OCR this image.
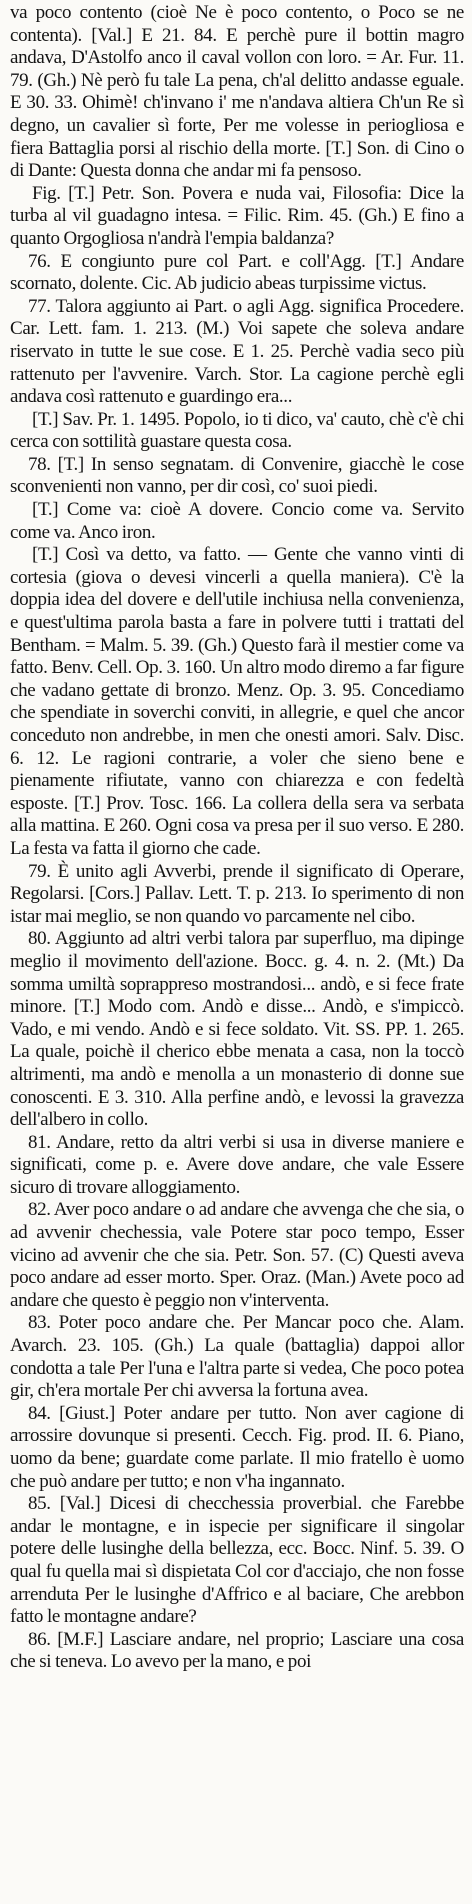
va poco contento (cioè Ne è poco contento, o Poco se ne contenta). [Val.] E 21. 84. E perchè pure il bottin magro andava, D'Astolfo anco il caval vollon con loro. = Ar. Fur. 11. 79. (Gh.) Nè però fu tale La pena, ch'al delitto andasse eguale. E 30. 33. Ohimè! ch'invano i' me n'andava altiera Ch'un Re sì degno, un cavalier sì forte, Per me volesse in periogliosa e fiera Battaglia porsi al rischio della morte. [T.] Son. di Cino o di Dante: Questa donna che andar mi fa pensoso.

Fig. [T.] Petr. Son. Povera e nuda vai, Filosofia: Dice la turba al vil guadagno intesa. = Filic. Rim. 45. (Gh.) E fino a quanto Orgogliosa n'andrà l'empia baldanza?

76. E congiunto pure col Part. e coll'Agg. [T.] Andare scornato, dolente. Cic. Ab judicio abeas turpissime victus.

77. Talora aggiunto ai Part. o agli Agg. significa Procedere. Car. Lett. fam. 1. 213. (M.) Voi sapete che soleva andare riservato in tutte le sue cose. E 1. 25. Perchè vadia seco più rattenuto per l'avvenire. Varch. Stor. La cagione perchè egli andava così rattenuto e guardingo era...

[T.] Sav. Pr. 1. 1495. Popolo, io ti dico, va' cauto, chè c'è chi cerca con sottilità guastare questa cosa.

78. [T.] In senso segnatam. di Convenire, giacchè le cose sconvenienti non vanno, per dir così, co' suoi piedi.

[T.] Come va: cioè A dovere. Concio come va. Servito come va. Anco iron.

[T.] Così va detto, va fatto. — Gente che vanno vinti di cortesia (giova o devesi vincerli a quella maniera). C'è la doppia idea del dovere e dell'utile inchiusa nella convenienza, e quest'ultima parola basta a fare in polvere tutti i trattati del Bentham. = Malm. 5. 39. (Gh.) Questo farà il mestier come va fatto. Benv. Cell. Op. 3. 160. Un altro modo diremo a far figure che vadano gettate di bronzo. Menz. Op. 3. 95. Concediamo che spendiate in soverchi conviti, in allegrie, e quel che ancor conceduto non andrebbe, in men che onesti amori. Salv. Disc. 6. 12. Le ragioni contrarie, a voler che sieno bene e pienamente rifiutate, vanno con chiarezza e con fedeltà esposte. [T.] Prov. Tosc. 166. La collera della sera va serbata alla mattina. E 260. Ogni cosa va presa per il suo verso. E 280. La festa va fatta il giorno che cade.

79. È unito agli Avverbi, prende il significato di Operare, Regolarsi. [Cors.] Pallav. Lett. T. p. 213. Io sperimento di non istar mai meglio, se non quando vo parcamente nel cibo.

80. Aggiunto ad altri verbi talora par superfluo, ma dipinge meglio il movimento dell'azione. Bocc. g. 4. n. 2. (Mt.) Da somma umiltà soprappreso mostrandosi... andò, e si fece frate minore. [T.] Modo com. Andò e disse... Andò, e s'impiccò. Vado, e mi vendo. Andò e si fece soldato. Vit. SS. PP. 1. 265. La quale, poichè il cherico ebbe menata a casa, non la toccò altrimenti, ma andò e menolla a un monasterio di donne sue conoscenti. E 3. 310. Alla perfine andò, e levossi la gravezza dell'albero in collo.

81. Andare, retto da altri verbi si usa in diverse maniere e significati, come p. e. Avere dove andare, che vale Essere sicuro di trovare alloggiamento.

82. Aver poco andare o ad andare che avvenga che che sia, o ad avvenir chechessia, vale Potere star poco tempo, Esser vicino ad avvenir che che sia. Petr. Son. 57. (C) Questi aveva poco andare ad esser morto. Sper. Oraz. (Man.) Avete poco ad andare che questo è peggio non v'interventa.

83. Poter poco andare che. Per Mancar poco che. Alam. Avarch. 23. 105. (Gh.) La quale (battaglia) dappoi allor condotta a tale Per l'una e l'altra parte si vedea, Che poco potea gir, ch'era mortale Per chi avversa la fortuna avea.

84. [Giust.] Poter andare per tutto. Non aver cagione di arrossire dovunque si presenti. Cecch. Fig. prod. II. 6. Piano, uomo da bene; guardate come parlate. Il mio fratello è uomo che può andare per tutto; e non v'ha ingannato.

85. [Val.] Dicesi di checchessia proverbial. che Farebbe andar le montagne, e in ispecie per significare il singolar potere delle lusinghe della bellezza, ecc. Bocc. Ninf. 5. 39. O qual fu quella mai sì dispietata Col cor d'acciajo, che non fosse arrenduta Per le lusinghe d'Affrico e al baciare, Che arebbon fatto le montagne andare?

86. [M.F.] Lasciare andare, nel proprio; Lasciare una cosa che si teneva. Lo avevo per la mano, e poi
